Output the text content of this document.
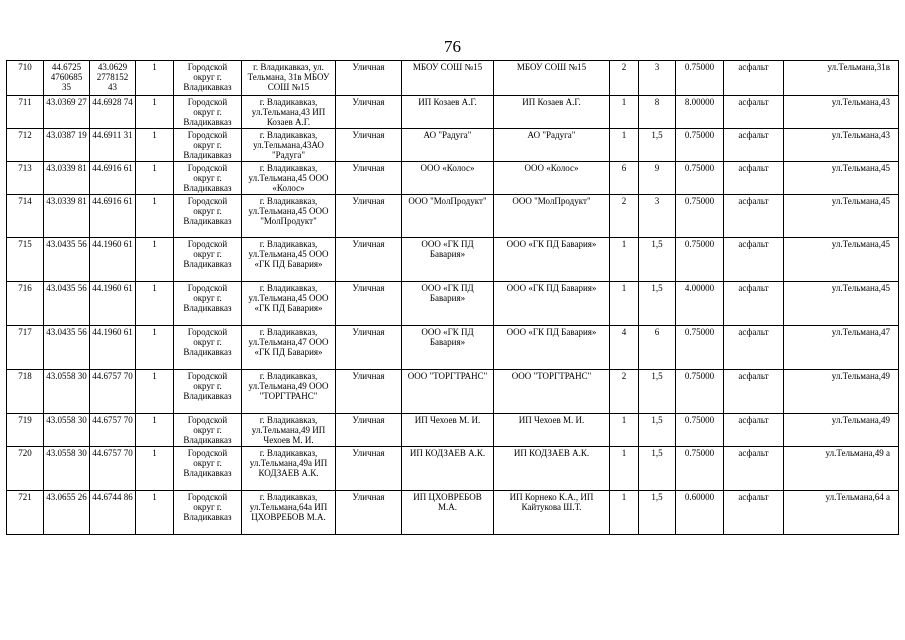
76
710	44.6725 4760685 35	43.0629 2778152 43	1	Городской округ г. Владикавказ	г. Владикавказ, ул. Тельмана, 31в МБОУ СОШ №15	Уличная	МБОУ СОШ №15	МБОУ СОШ №15	2	3	0.75000	асфальт	ул.Тельмана,31в
711	43.0369 27	44.6928 74	1	Городской округ г. Владикавказ	г. Владикавказ, ул.Тельмана,43 ИП Козаев А.Г.	Уличная	ИП Козаев А.Г.	ИП Козаев А.Г.	1	8	8.00000	асфальт	ул.Тельмана,43
712	43.0387 19	44.6911 31	1	Городской округ г. Владикавказ	г. Владикавказ, ул.Тельмана,43АО "Радуга"	Уличная	АО "Радуга"	АО "Радуга"	1	1,5	0.75000	асфальт	ул.Тельмана,43
713	43.0339 81	44.6916 61	1	Городской округ г. Владикавказ	г. Владикавказ, ул.Тельмана,45 ООО «Колос»	Уличная	ООО «Колос»	ООО «Колос»	6	9	0.75000	асфальт	ул.Тельмана,45
714	43.0339 81	44.6916 61	1	Городской округ г. Владикавказ	г. Владикавказ, ул.Тельмана,45 ООО "МолПродукт"	Уличная	ООО "МолПродукт"	ООО "МолПродукт"	2	3	0.75000	асфальт	ул.Тельмана,45
715	43.0435 56	44.1960 61	1	Городской округ г. Владикавказ	г. Владикавказ, ул.Тельмана,45 ООО «ГК ПД Бавария»	Уличная	ООО «ГК ПД Бавария»	ООО «ГК ПД Бавария»	1	1,5	0.75000	асфальт	ул.Тельмана,45
716	43.0435 56	44.1960 61	1	Городской округ г. Владикавказ	г. Владикавказ, ул.Тельмана,45 ООО «ГК ПД Бавария»	Уличная	ООО «ГК ПД Бавария»	ООО «ГК ПД Бавария»	1	1,5	4.00000	асфальт	ул.Тельмана,45
717	43.0435 56	44.1960 61	1	Городской округ г. Владикавказ	г. Владикавказ, ул.Тельмана,47 ООО «ГК ПД Бавария»	Уличная	ООО «ГК ПД Бавария»	ООО «ГК ПД Бавария»	4	6	0.75000	асфальт	ул.Тельмана,47
718	43.0558 30	44.6757 70	1	Городской округ г. Владикавказ	г. Владикавказ, ул.Тельмана,49 ООО "ТОРГТРАНС"	Уличная	ООО "ТОРГТРАНС"	ООО "ТОРГТРАНС"	2	1,5	0.75000	асфальт	ул.Тельмана,49
719	43.0558 30	44.6757 70	1	Городской округ г. Владикавказ	г. Владикавказ, ул.Тельмана,49 ИП Чехоев М. И.	Уличная	ИП Чехоев М. И.	ИП Чехоев М. И.	1	1,5	0.75000	асфальт	ул.Тельмана,49
720	43.0558 30	44.6757 70	1	Городской округ г. Владикавказ	г. Владикавказ, ул.Тельмана,49а ИП КОДЗАЕВ А.К.	Уличная	ИП КОДЗАЕВ А.К.	ИП КОДЗАЕВ А.К.	1	1,5	0.75000	асфальт	ул.Тельмана,49 а
721	43.0655 26	44.6744 86	1	Городской округ г. Владикавказ	г. Владикавказ, ул.Тельмана,64а ИП ЦХОВРЕБОВ М.А.	Уличная	ИП ЦХОВРЕБОВ М.А.	ИП Корнеко К.А., ИП Кайтукова Ш.Т.	1	1,5	0.60000	асфальт	ул.Тельмана,64 а
